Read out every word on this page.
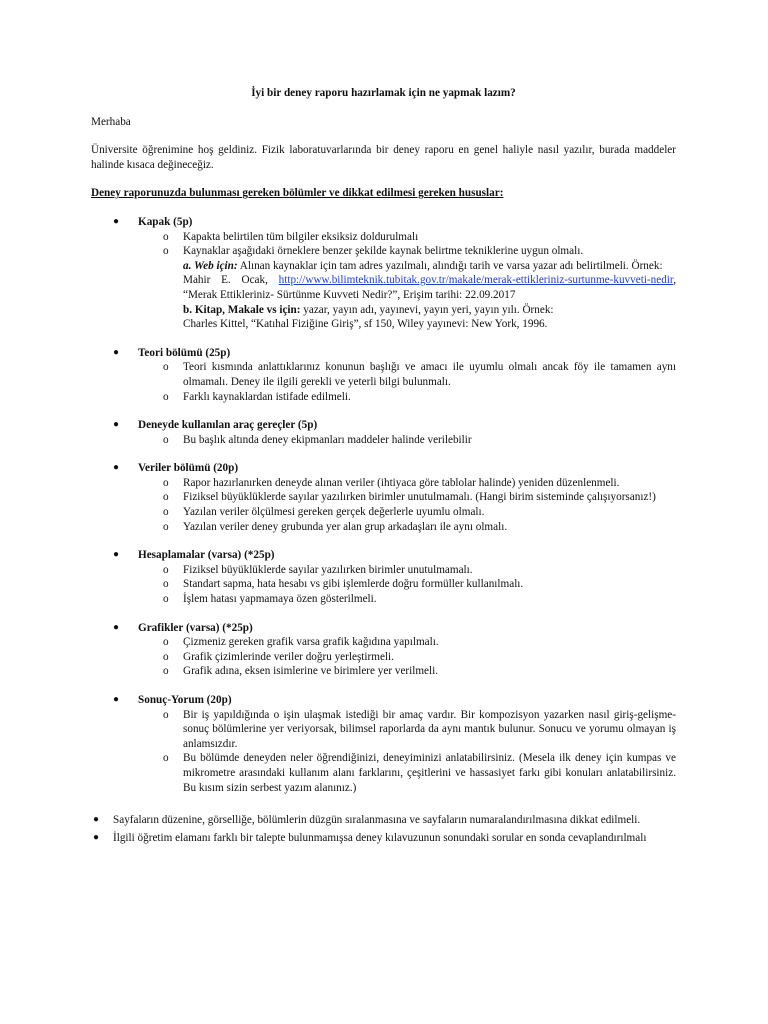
İyi bir deney raporu hazırlamak için ne yapmak lazım?

Merhaba

Üniversite öğrenimine hoş geldiniz. Fizik laboratuvarlarında bir deney raporu en genel haliyle nasıl yazılır, burada maddeler halinde kısaca değineceğiz.

Deney raporunuzda bulunması gereken bölümler ve dikkat edilmesi gereken hususlar:

● Kapak (5p)
o Kapakta belirtilen tüm bilgiler eksiksiz doldurulmalı
o Kaynaklar aşağıdaki örneklere benzer şekilde kaynak belirtme tekniklerine uygun olmalı.
a. Web için: Alınan kaynaklar için tam adres yazılmalı, alındığı tarih ve varsa yazar adı belirtilmeli. Örnek:
Mahir E. Ocak, http://www.bilimteknik.tubitak.gov.tr/makale/merak-ettikleriniz-surtunme-kuvveti-nedir, “Merak Ettikleriniz- Sürtünme Kuvveti Nedir?”, Erişim tarihi: 22.09.2017
b. Kitap, Makale vs için: yazar, yayın adı, yayınevi, yayın yeri, yayın yılı. Örnek:
Charles Kittel, “Katıhal Fiziğine Giriş”, sf 150, Wiley yayınevi: New York, 1996.
● Teori bölümü (25p)
o Teori kısmında anlattıklarınız konunun başlığı ve amacı ile uyumlu olmalı ancak föy ile tamamen aynı olmamalı. Deney ile ilgili gerekli ve yeterli bilgi bulunmalı.
o Farklı kaynaklardan istifade edilmeli.
● Deneyde kullanılan araç gereçler (5p)
o Bu başlık altında deney ekipmanları maddeler halinde verilebilir
● Veriler bölümü (20p)
o Rapor hazırlanırken deneyde alınan veriler (ihtiyaca göre tablolar halinde) yeniden düzenlenmeli.
o Fiziksel büyüklüklerde sayılar yazılırken birimler unutulmamalı. (Hangi birim sisteminde çalışıyorsanız!)
o Yazılan veriler ölçülmesi gereken gerçek değerlerle uyumlu olmalı.
o Yazılan veriler deney grubunda yer alan grup arkadaşları ile aynı olmalı.
● Hesaplamalar (varsa) (*25p)
o Fiziksel büyüklüklerde sayılar yazılırken birimler unutulmamalı.
o Standart sapma, hata hesabı vs gibi işlemlerde doğru formüller kullanılmalı.
o İşlem hatası yapmamaya özen gösterilmeli.
● Grafikler (varsa) (*25p)
o Çizmeniz gereken grafik varsa grafik kağıdına yapılmalı.
o Grafik çizimlerinde veriler doğru yerleştirmeli.
o Grafik adına, eksen isimlerine ve birimlere yer verilmeli.
● Sonuç-Yorum (20p)
o Bir iş yapıldığında o işin ulaşmak istediği bir amaç vardır. Bir kompozisyon yazarken nasıl giriş-gelişme-sonuç bölümlerine yer veriyorsak, bilimsel raporlarda da aynı mantık bulunur. Sonucu ve yorumu olmayan iş anlamsızdır.
o Bu bölümde deneyden neler öğrendiğinizi, deneyiminizi anlatabilirsiniz. (Mesela ilk deney için kumpas ve mikrometre arasındaki kullanım alanı farklarını, çeşitlerini ve hassasiyet farkı gibi konuları anlatabilirsiniz. Bu kısım sizin serbest yazım alanınız.)
● Sayfaların düzenine, görselliğe, bölümlerin düzgün sıralanmasına ve sayfaların numaralandırılmasına dikkat edilmeli.
● İlgili öğretim elamanı farklı bir talepte bulunmamışsa deney kılavuzunun sonundaki sorular en sonda cevaplandırılmalı
